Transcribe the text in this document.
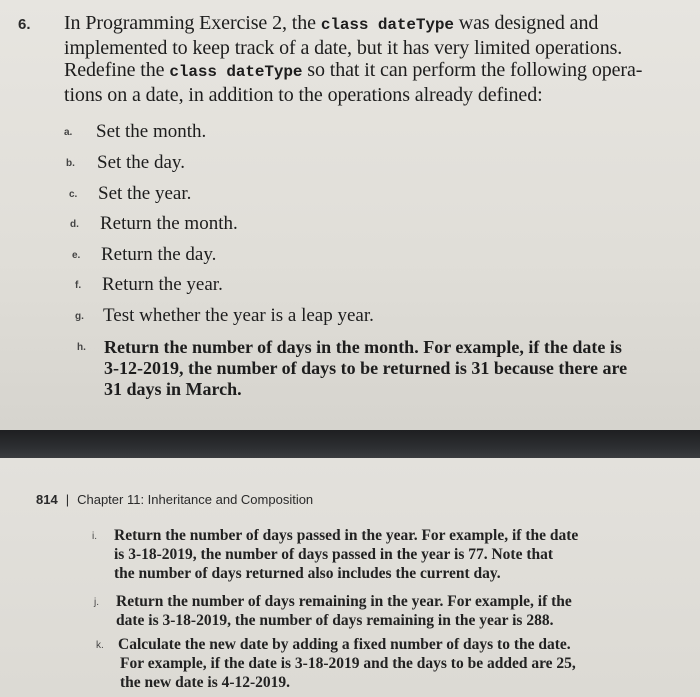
6. In Programming Exercise 2, the class dateType was designed and
implemented to keep track of a date, but it has very limited operations.
Redefine the class dateType so that it can perform the following opera-
tions on a date, in addition to the operations already defined:
a. Set the month.
b. Set the day.
c. Set the year.
d. Return the month.
e. Return the day.
f. Return the year.
g. Test whether the year is a leap year.
h. Return the number of days in the month. For example, if the date is
3-12-2019, the number of days to be returned is 31 because there are
31 days in March.
814 | Chapter 11: Inheritance and Composition
i. Return the number of days passed in the year. For example, if the date
is 3-18-2019, the number of days passed in the year is 77. Note that
the number of days returned also includes the current day.
j. Return the number of days remaining in the year. For example, if the
date is 3-18-2019, the number of days remaining in the year is 288.
k. Calculate the new date by adding a fixed number of days to the date.
For example, if the date is 3-18-2019 and the days to be added are 25,
the new date is 4-12-2019.
